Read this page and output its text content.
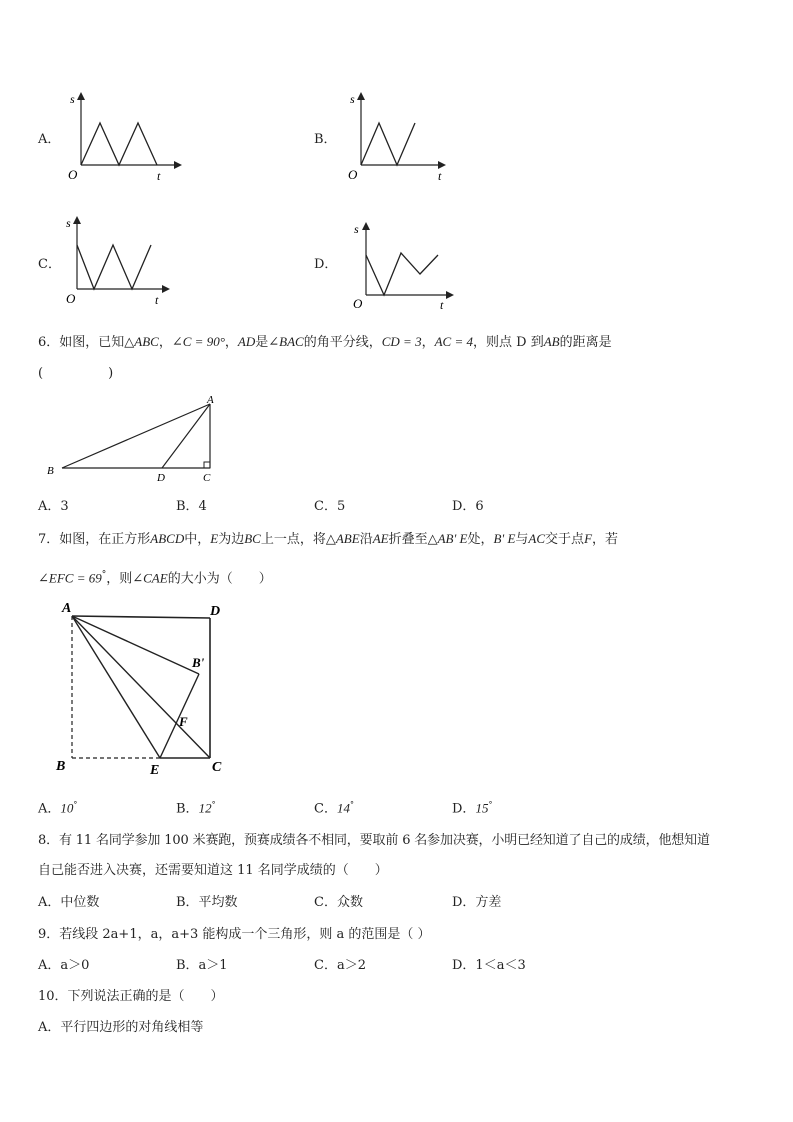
A．
s
O	t
B．
s
O	t
C．
s
O	t
D．
s
O	t
6．如图，已知△ABC，∠C = 90°，AD是∠BAC的角平分线，CD = 3，AC = 4，则点 D 到AB的距离是
(　　　　　)
A
B
C
D
A．3	B．4	C．5	D．6
7．如图，在正方形ABCD中，E为边BC上一点，将△ABE沿AE折叠至△AB' E处，B' E与AC交于点F，若
∠EFC = 69°，则∠CAE的大小为（　　）
A	D
B'
F
B	E	C
A．10°	B．12°	C．14°	D．15°
8．有 11 名同学参加 100 米赛跑，预赛成绩各不相同，要取前 6 名参加决赛，小明已经知道了自己的成绩，他想知道
自己能否进入决赛，还需要知道这 11 名同学成绩的（　　）
A．中位数	B．平均数	C．众数	D．方差
9．若线段 2a+1，a，a+3 能构成一个三角形，则 a 的范围是（ ）
A．a＞0	B．a＞1	C．a＞2	D．1＜a＜3
10．下列说法正确的是（　　）
A．平行四边形的对角线相等
